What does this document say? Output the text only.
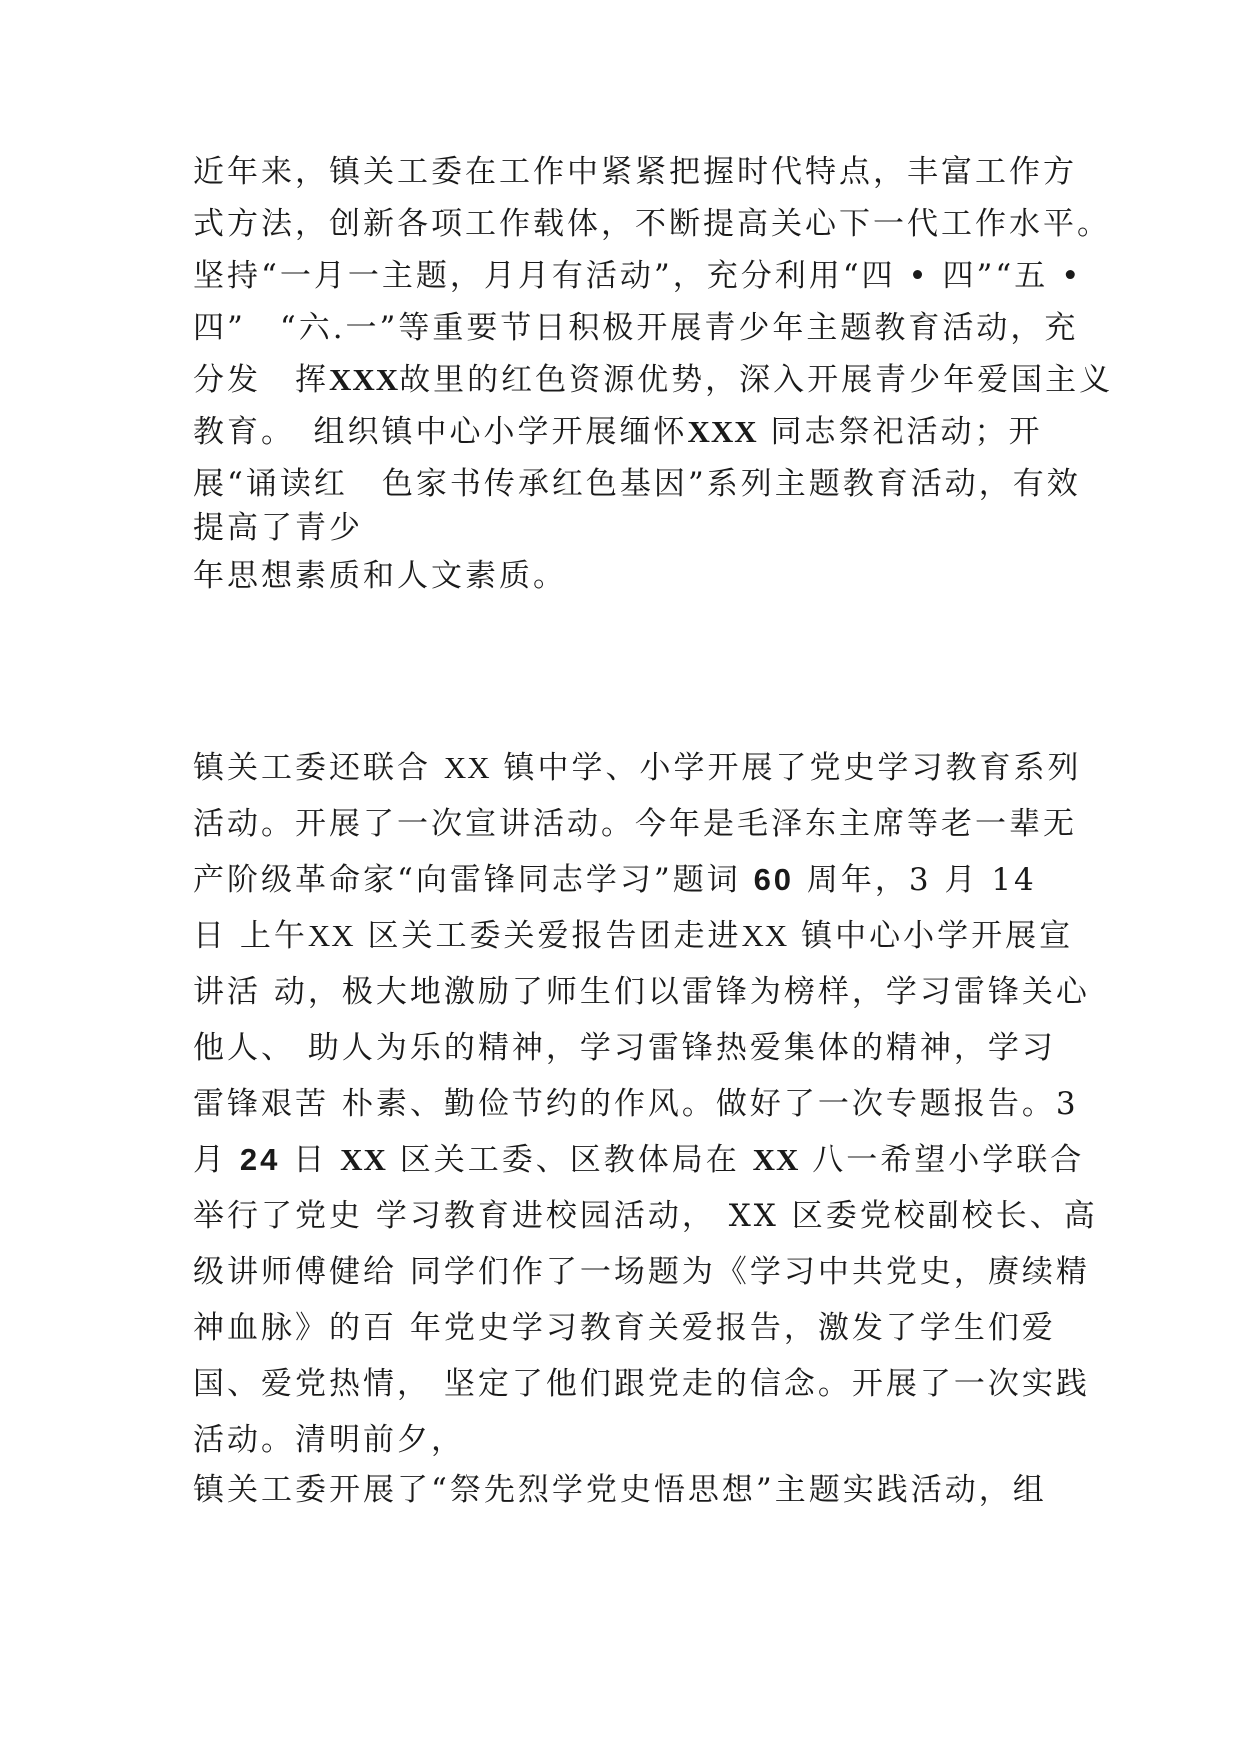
近年来，镇关工委在工作中紧紧把握时代特点，丰富工作方
式方法，创新各项工作载体，不断提高关心下一代工作水平。
坚持“一月一主题，月月有活动”，充分利用“四 • 四”“五 •
四”　“六.一”等重要节日积极开展青少年主题教育活动，充
分发　挥XXX故里的红色资源优势，深入开展青少年爱国主义
教育。　组织镇中心小学开展缅怀XXX 同志祭祀活动；开
展“诵读红　色家书传承红色基因”系列主题教育活动，有效
提高了青少
年思想素质和人文素质。
镇关工委还联合 XX 镇中学、小学开展了党史学习教育系列
活动。开展了一次宣讲活动。今年是毛泽东主席等老一辈无
产阶级革命家“向雷锋同志学习”题词 60 周年，3 月 14
日 上午XX 区关工委关爱报告团走进XX 镇中心小学开展宣
讲活 动，极大地激励了师生们以雷锋为榜样，学习雷锋关心
他人、 助人为乐的精神，学习雷锋热爱集体的精神，学习
雷锋艰苦 朴素、勤俭节约的作风。做好了一次专题报告。3
月 24 日 XX 区关工委、区教体局在 XX 八一希望小学联合
举行了党史 学习教育进校园活动， XX 区委党校副校长、高
级讲师傅健给 同学们作了一场题为《学习中共党史，赓续精
神血脉》的百 年党史学习教育关爱报告，激发了学生们爱
国、爱党热情， 坚定了他们跟党走的信念。开展了一次实践
活动。清明前夕，
镇关工委开展了“祭先烈学党史悟思想”主题实践活动，组
